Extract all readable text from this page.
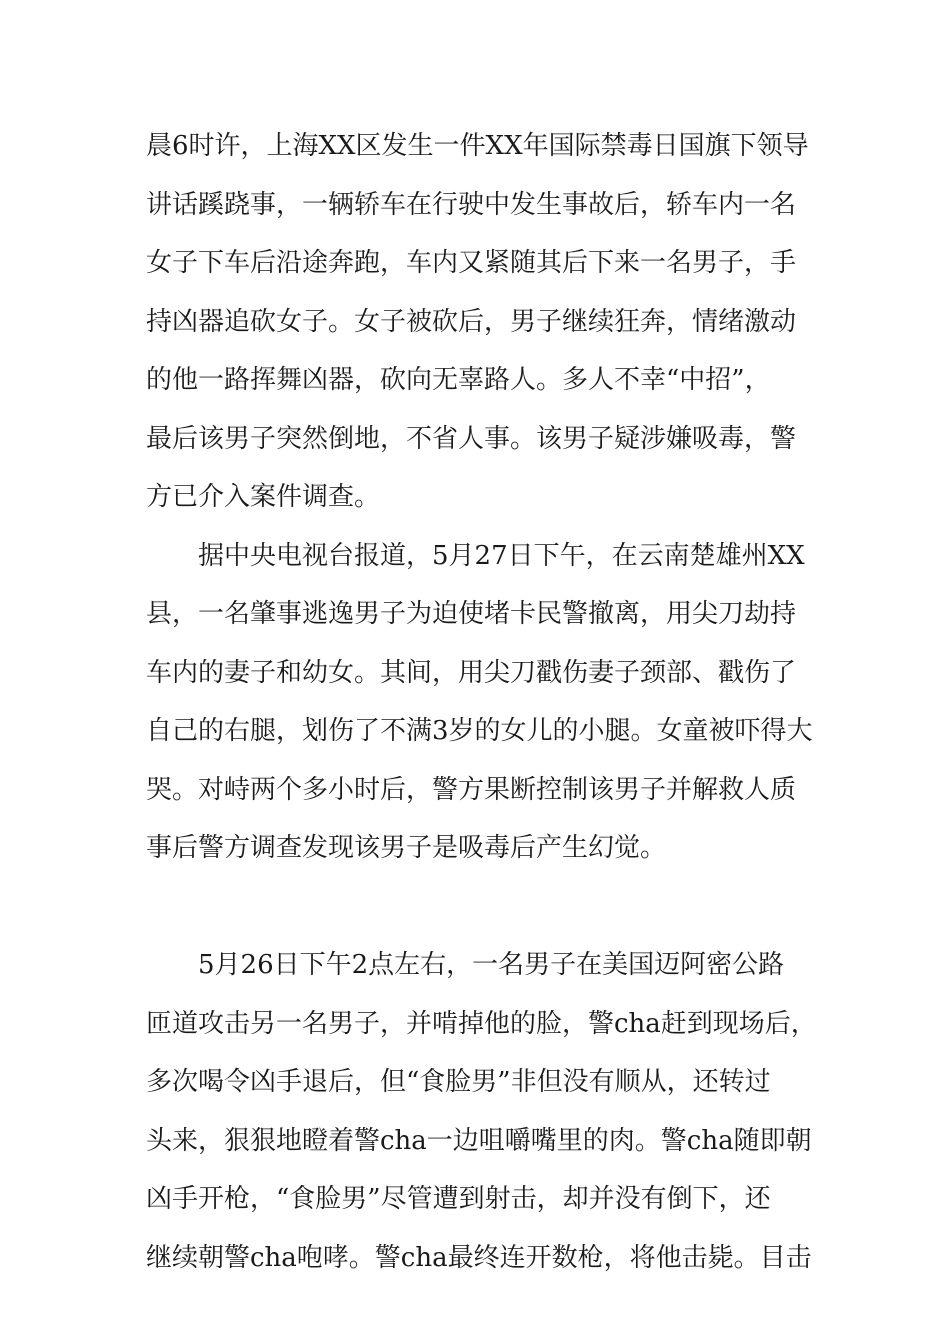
晨6时许，上海XX区发生一件XX年国际禁毒日国旗下领导
讲话蹊跷事，一辆轿车在行驶中发生事故后，轿车内一名
女子下车后沿途奔跑，车内又紧随其后下来一名男子，手
持凶器追砍女子。女子被砍后，男子继续狂奔，情绪激动
的他一路挥舞凶器，砍向无辜路人。多人不幸“中招”，
最后该男子突然倒地，不省人事。该男子疑涉嫌吸毒，警
方已介入案件调查。
据中央电视台报道，5月27日下午，在云南楚雄州XX
县，一名肇事逃逸男子为迫使堵卡民警撤离，用尖刀劫持
车内的妻子和幼女。其间，用尖刀戳伤妻子颈部、戳伤了
自己的右腿，划伤了不满3岁的女儿的小腿。女童被吓得大
哭。对峙两个多小时后，警方果断控制该男子并解救人质
事后警方调查发现该男子是吸毒后产生幻觉。
5月26日下午2点左右，一名男子在美国迈阿密公路
匝道攻击另一名男子，并啃掉他的脸，警cha赶到现场后，
多次喝令凶手退后，但“食脸男”非但没有顺从，还转过
头来，狠狠地瞪着警cha一边咀嚼嘴里的肉。警cha随即朝
凶手开枪，“食脸男”尽管遭到射击，却并没有倒下，还
继续朝警cha咆哮。警cha最终连开数枪，将他击毙。目击
